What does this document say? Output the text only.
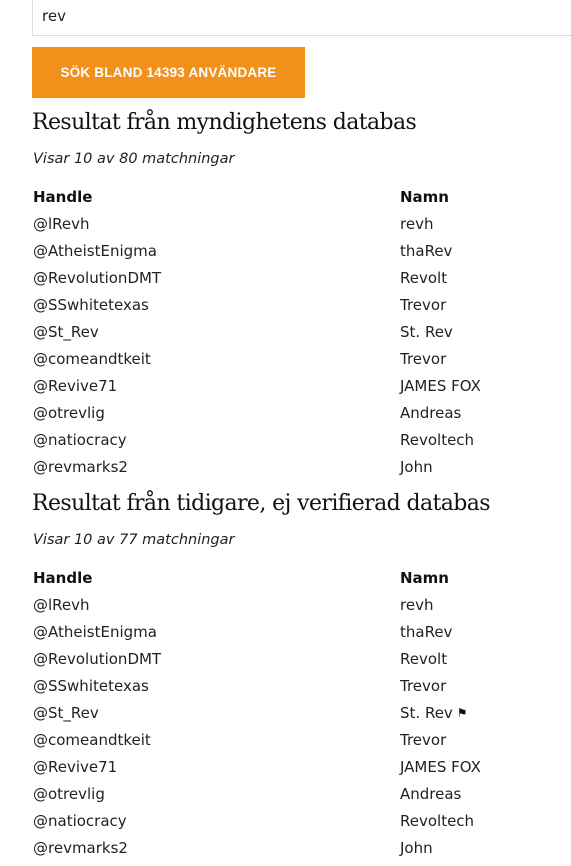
rev
SÖK BLAND 14393 ANVÄNDARE
Resultat från myndighetens databas

Visar 10 av 80 matchningar

Handle	Namn
@lRevh	revh
@AtheistEnigma	thaRev
@RevolutionDMT	Revolt
@SSwhitetexas	Trevor
@St_Rev	St. Rev
@comeandtkeit	Trevor
@Revive71	JAMES FOX
@otrevlig	Andreas
@natiocracy	Revoltech
@revmarks2	John
Resultat från tidigare, ej verifierad databas

Visar 10 av 77 matchningar

Handle	Namn
@lRevh	revh
@AtheistEnigma	thaRev
@RevolutionDMT	Revolt
@SSwhitetexas	Trevor
@St_Rev	St. Rev ⚑
@comeandtkeit	Trevor
@Revive71	JAMES FOX
@otrevlig	Andreas
@natiocracy	Revoltech
@revmarks2	John
